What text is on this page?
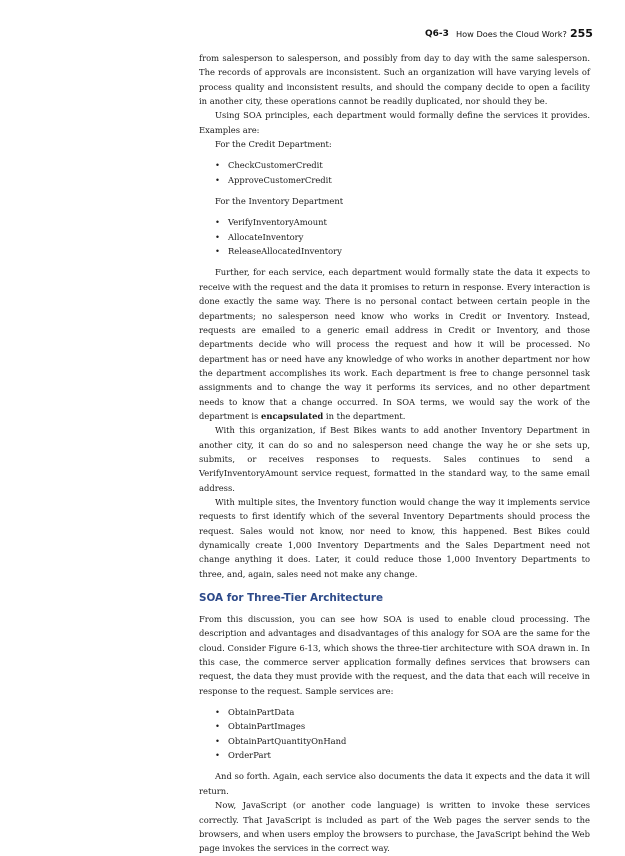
Q6-3 How Does the Cloud Work? 255

from salesperson to salesperson, and possibly from day to day with the same salesperson. The records of approvals are inconsistent. Such an organization will have varying levels of process quality and inconsistent results, and should the company decide to open a facility in another city, these operations cannot be readily duplicated, nor should they be.

Using SOA principles, each department would formally define the services it provides. Examples are:

For the Credit Department:

• CheckCustomerCredit
• ApproveCustomerCredit

For the Inventory Department

• VerifyInventoryAmount
• AllocateInventory
• ReleaseAllocatedInventory

Further, for each service, each department would formally state the data it expects to receive with the request and the data it promises to return in response. Every interaction is done exactly the same way. There is no personal contact between certain people in the departments; no salesperson need know who works in Credit or Inventory. Instead, requests are emailed to a generic email address in Credit or Inventory, and those departments decide who will process the request and how it will be processed. No department has or need have any knowledge of who works in another department nor how the department accomplishes its work. Each department is free to change personnel task assignments and to change the way it performs its services, and no other department needs to know that a change occurred. In SOA terms, we would say the work of the department is encapsulated in the department.

With this organization, if Best Bikes wants to add another Inventory Department in another city, it can do so and no salesperson need change the way he or she sets up, submits, or receives responses to requests. Sales continues to send a VerifyInventoryAmount service request, formatted in the standard way, to the same email address.

With multiple sites, the Inventory function would change the way it implements service requests to first identify which of the several Inventory Departments should process the request. Sales would not know, nor need to know, this happened. Best Bikes could dynamically create 1,000 Inventory Departments and the Sales Department need not change anything it does. Later, it could reduce those 1,000 Inventory Departments to three, and, again, sales need not make any change.

SOA for Three-Tier Architecture

From this discussion, you can see how SOA is used to enable cloud processing. The description and advantages and disadvantages of this analogy for SOA are the same for the cloud. Consider Figure 6-13, which shows the three-tier architecture with SOA drawn in. In this case, the commerce server application formally defines services that browsers can request, the data they must provide with the request, and the data that each will receive in response to the request. Sample services are:

• ObtainPartData
• ObtainPartImages
• ObtainPartQuantityOnHand
• OrderPart

And so forth. Again, each service also documents the data it expects and the data it will return.

Now, JavaScript (or another code language) is written to invoke these services correctly. That JavaScript is included as part of the Web pages the server sends to the browsers, and when users employ the browsers to purchase, the JavaScript behind the Web page invokes the services in the correct way.
